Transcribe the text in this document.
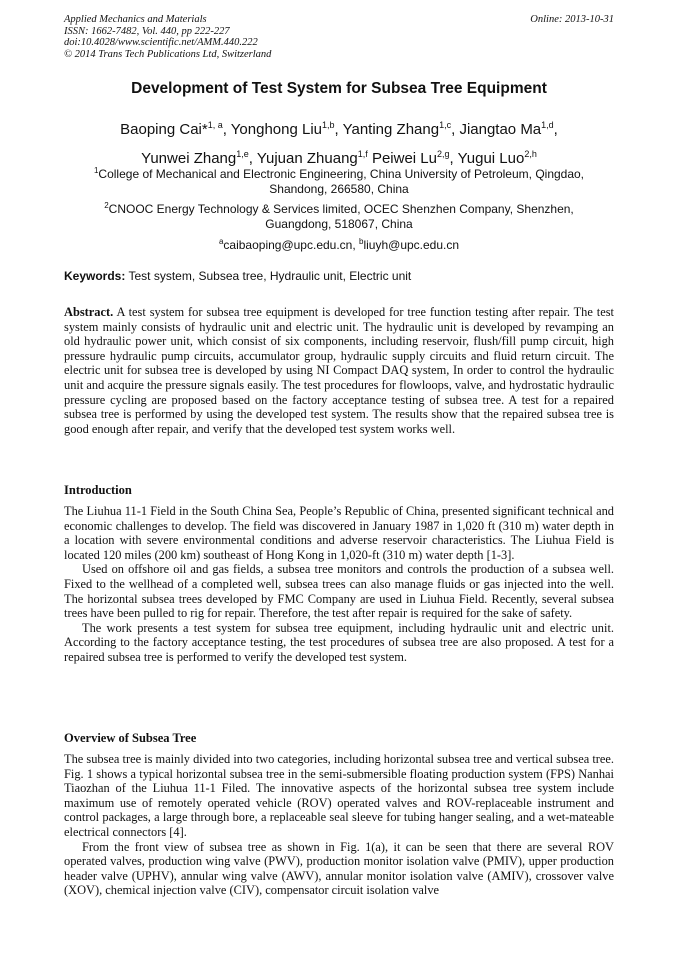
Applied Mechanics and Materials
ISSN: 1662-7482, Vol. 440, pp 222-227
doi:10.4028/www.scientific.net/AMM.440.222
© 2014 Trans Tech Publications Ltd, Switzerland
Online: 2013-10-31
Development of Test System for Subsea Tree Equipment
Baoping Cai*$^{1, a}$, Yonghong Liu$^{1,b}$, Yanting Zhang$^{1,c}$, Jiangtao Ma$^{1,d}$,
Yunwei Zhang$^{1,e}$, Yujuan Zhuang$^{1,f}$ Peiwei Lu$^{2,g}$, Yugui Luo$^{2,h}$
$^1$College of Mechanical and Electronic Engineering, China University of Petroleum, Qingdao,
Shandong, 266580, China
$^2$CNOOC Energy Technology & Services limited, OCEC Shenzhen Company, Shenzhen,
Guangdong, 518067, China
$^a$caibaoping@upc.edu.cn, $^b$liuyh@upc.edu.cn
Keywords: Test system, Subsea tree, Hydraulic unit, Electric unit

Abstract. A test system for subsea tree equipment is developed for tree function testing after repair. The test system mainly consists of hydraulic unit and electric unit. The hydraulic unit is developed by revamping an old hydraulic power unit, which consist of six components, including reservoir, flush/fill pump circuit, high pressure hydraulic pump circuits, accumulator group, hydraulic supply circuits and fluid return circuit. The electric unit for subsea tree is developed by using NI Compact DAQ system, In order to control the hydraulic unit and acquire the pressure signals easily. The test procedures for flowloops, valve, and hydrostatic hydraulic pressure cycling are proposed based on the factory acceptance testing of subsea tree. A test for a repaired subsea tree is performed by using the developed test system. The results show that the repaired subsea tree is good enough after repair, and verify that the developed test system works well.

Introduction

The Liuhua 11-1 Field in the South China Sea, People’s Republic of China, presented significant technical and economic challenges to develop. The field was discovered in January 1987 in 1,020 ft (310 m) water depth in a location with severe environmental conditions and adverse reservoir characteristics. The Liuhua Field is located 120 miles (200 km) southeast of Hong Kong in 1,020-ft (310 m) water depth [1-3].

Used on offshore oil and gas fields, a subsea tree monitors and controls the production of a subsea well. Fixed to the wellhead of a completed well, subsea trees can also manage fluids or gas injected into the well. The horizontal subsea trees developed by FMC Company are used in Liuhua Field. Recently, several subsea trees have been pulled to rig for repair. Therefore, the test after repair is required for the sake of safety.

The work presents a test system for subsea tree equipment, including hydraulic unit and electric unit. According to the factory acceptance testing, the test procedures of subsea tree are also proposed. A test for a repaired subsea tree is performed to verify the developed test system.

Overview of Subsea Tree

The subsea tree is mainly divided into two categories, including horizontal subsea tree and vertical subsea tree. Fig. 1 shows a typical horizontal subsea tree in the semi-submersible floating production system (FPS) Nanhai Tiaozhan of the Liuhua 11-1 Filed. The innovative aspects of the horizontal subsea tree system include maximum use of remotely operated vehicle (ROV) operated valves and ROV-replaceable instrument and control packages, a large through bore, a replaceable seal sleeve for tubing hanger sealing, and a wet-mateable electrical connectors [4].

From the front view of subsea tree as shown in Fig. 1(a), it can be seen that there are several ROV operated valves, production wing valve (PWV), production monitor isolation valve (PMIV), upper production header valve (UPHV), annular wing valve (AWV), annular monitor isolation valve (AMIV), crossover valve (XOV), chemical injection valve (CIV), compensator circuit isolation valve
